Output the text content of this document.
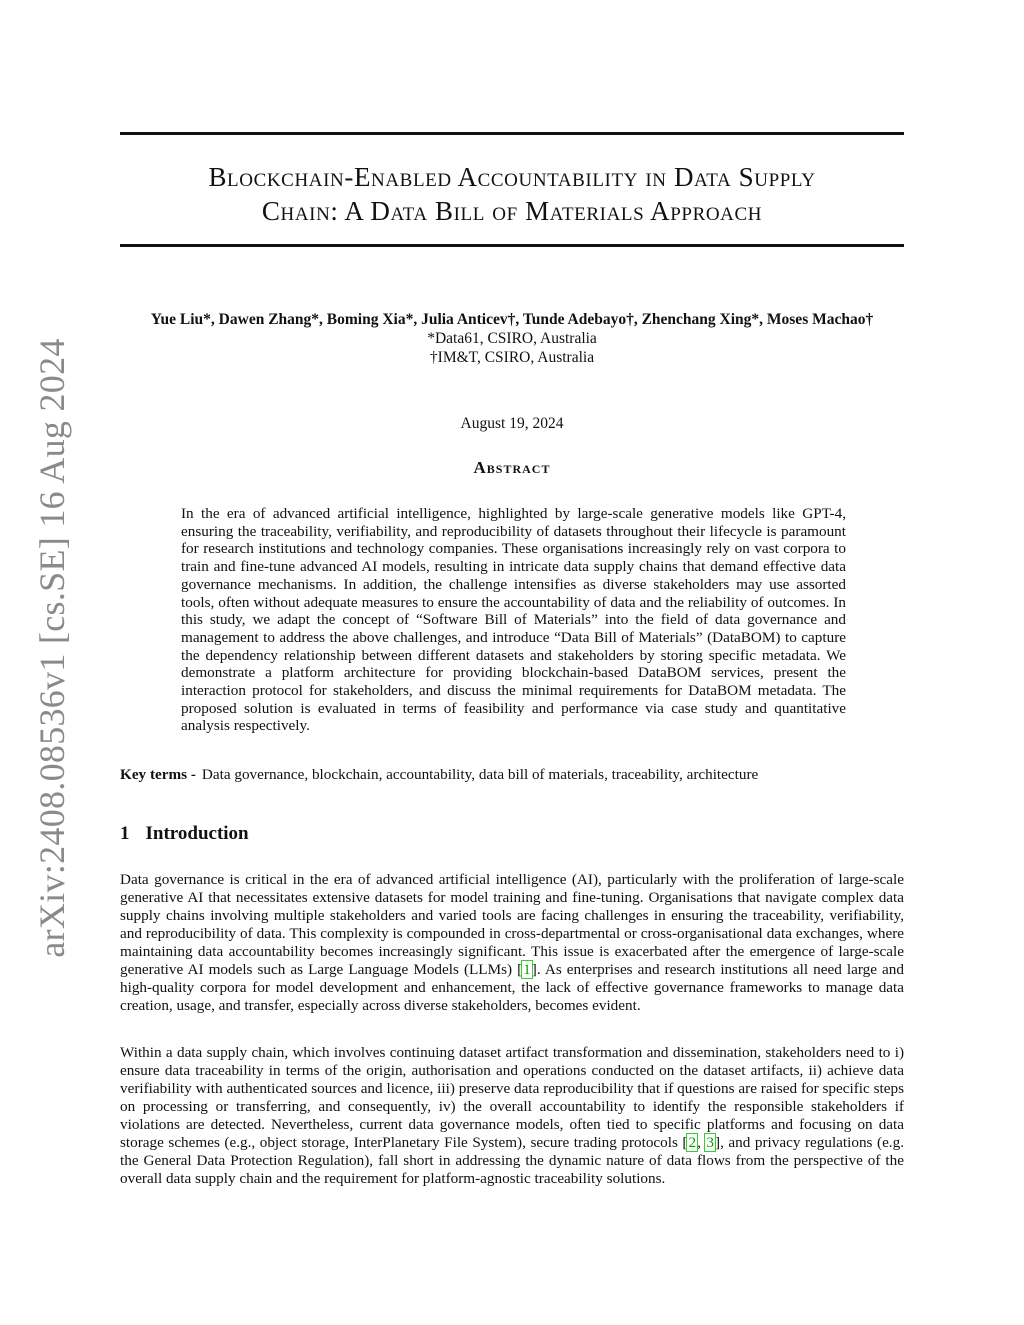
arXiv:2408.08536v1 [cs.SE] 16 Aug 2024
Blockchain-Enabled Accountability in Data Supply
Chain: A Data Bill of Materials Approach
Yue Liu*, Dawen Zhang*, Boming Xia*, Julia Anticev†, Tunde Adebayo†, Zhenchang Xing*, Moses Machao†
*Data61, CSIRO, Australia
†IM&T, CSIRO, Australia
August 19, 2024
Abstract

In the era of advanced artificial intelligence, highlighted by large-scale generative models like GPT-4, ensuring the traceability, verifiability, and reproducibility of datasets throughout their lifecycle is paramount for research institutions and technology companies. These organisations increasingly rely on vast corpora to train and fine-tune advanced AI models, resulting in intricate data supply chains that demand effective data governance mechanisms. In addition, the challenge intensifies as diverse stakeholders may use assorted tools, often without adequate measures to ensure the accountability of data and the reliability of outcomes. In this study, we adapt the concept of “Software Bill of Materials” into the field of data governance and management to address the above challenges, and introduce “Data Bill of Materials” (DataBOM) to capture the dependency relationship between different datasets and stakeholders by storing specific metadata. We demonstrate a platform architecture for providing blockchain-based DataBOM services, present the interaction protocol for stakeholders, and discuss the minimal requirements for DataBOM metadata. The proposed solution is evaluated in terms of feasibility and performance via case study and quantitative analysis respectively.

Key terms - Data governance, blockchain, accountability, data bill of materials, traceability, architecture
1 Introduction

Data governance is critical in the era of advanced artificial intelligence (AI), particularly with the proliferation of large-scale generative AI that necessitates extensive datasets for model training and fine-tuning. Organisations that navigate complex data supply chains involving multiple stakeholders and varied tools are facing challenges in ensuring the traceability, verifiability, and reproducibility of data. This complexity is compounded in cross-departmental or cross-organisational data exchanges, where maintaining data accountability becomes increasingly significant. This issue is exacerbated after the emergence of large-scale generative AI models such as Large Language Models (LLMs) [1]. As enterprises and research institutions all need large and high-quality corpora for model development and enhancement, the lack of effective governance frameworks to manage data creation, usage, and transfer, especially across diverse stakeholders, becomes evident.

Within a data supply chain, which involves continuing dataset artifact transformation and dissemination, stakeholders need to i) ensure data traceability in terms of the origin, authorisation and operations conducted on the dataset artifacts, ii) achieve data verifiability with authenticated sources and licence, iii) preserve data reproducibility that if questions are raised for specific steps on processing or transferring, and consequently, iv) the overall accountability to identify the responsible stakeholders if violations are detected. Nevertheless, current data governance models, often tied to specific platforms and focusing on data storage schemes (e.g., object storage, InterPlanetary File System), secure trading protocols [2, 3], and privacy regulations (e.g. the General Data Protection Regulation), fall short in addressing the dynamic nature of data flows from the perspective of the overall data supply chain and the requirement for platform-agnostic traceability solutions.
